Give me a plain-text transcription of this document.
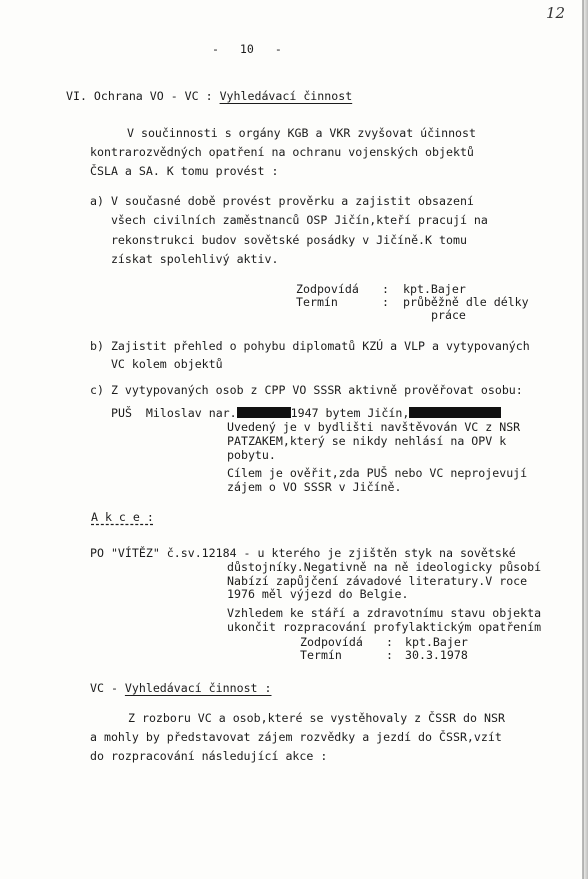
12
-   10   -
VI. Ochrana VO - VC : Vyhledávací činnost
V součinnosti s orgány KGB a VKR zvyšovat účinnost
kontrarozvědných opatření na ochranu vojenských objektů
ČSLA a SA. K tomu provést :
a) V současné době provést prověrku a zajistit obsazení
všech civilních zaměstnanců OSP Jičín,kteří pracují na
rekonstrukci budov sovětské posádky v Jičíně.K tomu
získat spolehlivý aktiv.
Zodpovídá : kpt.Bajer
Termín	: průběžně dle délky
práce
b) Zajistit přehled o pohybu diplomatů KZÚ a VLP a vytypovaných
VC kolem objektů
c) Z vytypovaných osob z CPP VO SSSR aktivně prověřovat osobu:
PUŠ  Miloslav nar.	1947 bytem Jičín,
Uvedený je v bydlišti navštěvován VC z NSR
PATZAKEM,který se nikdy nehlásí na OPV k
pobytu.
Cílem je ověřit,zda PUŠ nebo VC neprojevují
zájem o VO SSSR v Jičíně.
A k c e :
PO "VÍTĚZ" č.sv.12184 - u kterého je zjištěn styk na sovětské
důstojníky.Negativně na ně ideologicky působí
Nabízí zapůjčení závadové literatury.V roce
1976 měl výjezd do Belgie.
Vzhledem ke stáří a zdravotnímu stavu objekta
ukončit rozpracování profylaktickým opatřením
Zodpovídá : kpt.Bajer
Termín	: 30.3.1978
VC - Vyhledávací činnost :
Z rozboru VC a osob,které se vystěhovaly z ČSSR do NSR
a mohly by představovat zájem rozvědky a jezdí do ČSSR,vzít
do rozpracování následující akce :
